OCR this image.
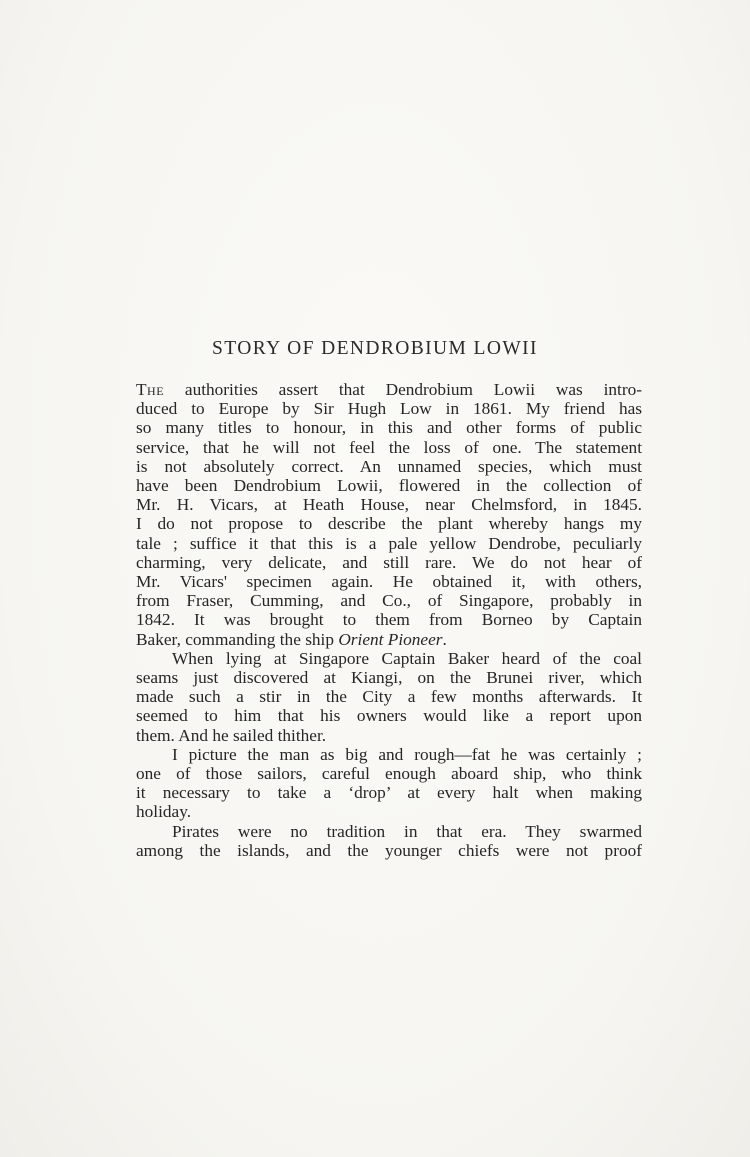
STORY OF DENDROBIUM LOWII
The authorities assert that Dendrobium Lowii was intro-
duced to Europe by Sir Hugh Low in 1861. My friend has
so many titles to honour, in this and other forms of public
service, that he will not feel the loss of one. The statement
is not absolutely correct. An unnamed species, which must
have been Dendrobium Lowii, flowered in the collection of
Mr. H. Vicars, at Heath House, near Chelmsford, in 1845.
I do not propose to describe the plant whereby hangs my
tale ; suffice it that this is a pale yellow Dendrobe, peculiarly
charming, very delicate, and still rare. We do not hear of
Mr. Vicars' specimen again. He obtained it, with others,
from Fraser, Cumming, and Co., of Singapore, probably in
1842. It was brought to them from Borneo by Captain
Baker, commanding the ship Orient Pioneer.
When lying at Singapore Captain Baker heard of the coal
seams just discovered at Kiangi, on the Brunei river, which
made such a stir in the City a few months afterwards. It
seemed to him that his owners would like a report upon
them. And he sailed thither.
I picture the man as big and rough—fat he was certainly ;
one of those sailors, careful enough aboard ship, who think
it necessary to take a ‘drop’ at every halt when making
holiday.
Pirates were no tradition in that era. They swarmed
among the islands, and the younger chiefs were not proof
